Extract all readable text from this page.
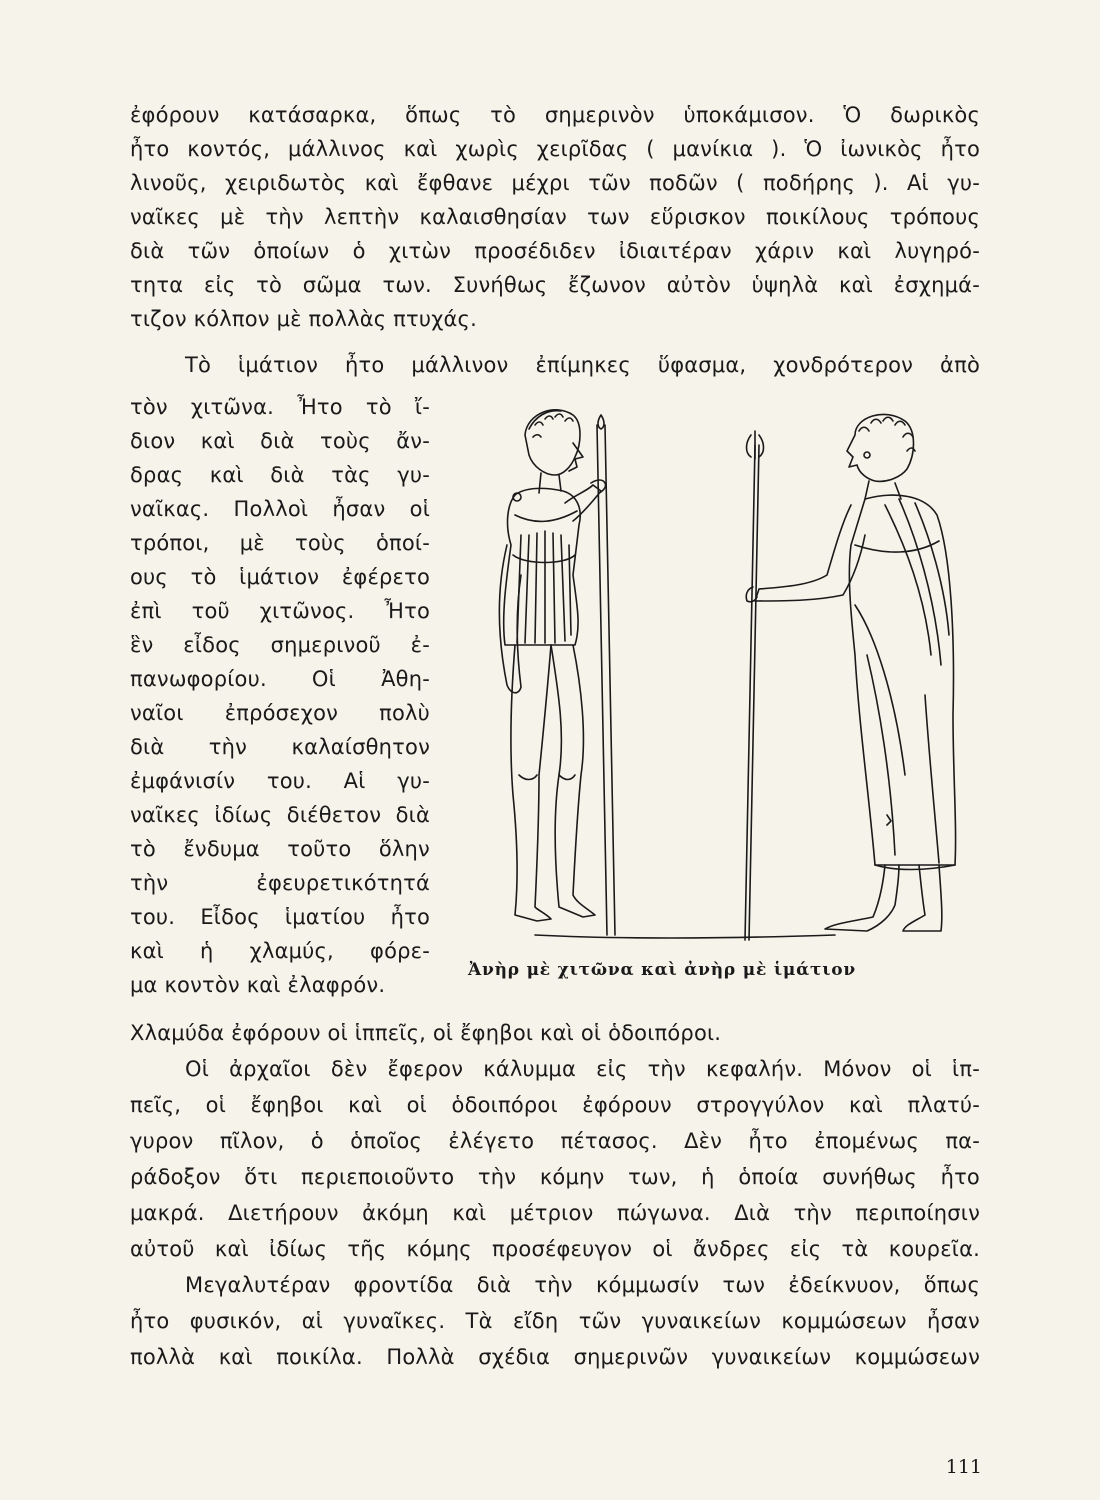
ἐφόρουν κατάσαρκα, ὅπως τὸ σημερινὸν ὑποκάμισον. Ὁ δωρικὸς
ἦτο κοντός, μάλλινος καὶ χωρὶς χειρῖδας ( μανίκια ). Ὁ ἰωνικὸς ἦτο
λινοῦς, χειριδωτὸς καὶ ἔφθανε μέχρι τῶν ποδῶν ( ποδήρης ). Αἱ γυ-
ναῖκες μὲ τὴν λεπτὴν καλαισθησίαν των εὕρισκον ποικίλους τρόπους
διὰ τῶν ὁποίων ὁ χιτὼν προσέδιδεν ἰδιαιτέραν χάριν καὶ λυγηρό-
τητα εἰς τὸ σῶμα των. Συνήθως ἔζωνον αὐτὸν ὑψηλὰ καὶ ἐσχημά-
τιζον κόλπον μὲ πολλὰς πτυχάς.
Τὸ ἱμάτιον ἦτο μάλλινον ἐπίμηκες ὕφασμα, χονδρότερον ἀπὸ
τὸν χιτῶνα. Ἦτο τὸ ἴ-
διον καὶ διὰ τοὺς ἄν-
δρας καὶ διὰ τὰς γυ-
ναῖκας. Πολλοὶ ἦσαν οἱ
τρόποι, μὲ τοὺς ὁποί-
ους τὸ ἱμάτιον ἐφέρετο
ἐπὶ τοῦ χιτῶνος. Ἦτο
ἓν εἶδος σημερινοῦ ἐ-
πανωφορίου. Οἱ Ἀθη-
ναῖοι ἐπρόσεχον πολὺ
διὰ τὴν καλαίσθητον
ἐμφάνισίν του. Αἱ γυ-
ναῖκες ἰδίως διέθετον διὰ
τὸ ἔνδυμα τοῦτο ὅλην
τὴν ἐφευρετικότητά
του. Εἶδος ἱματίου ἦτο
καὶ ἡ χλαμύς, φόρε-
μα κοντὸν καὶ ἐλαφρόν.
Ἀνὴρ μὲ χιτῶνα καὶ ἀνὴρ μὲ ἱμάτιον
Χλαμύδα ἐφόρουν οἱ ἱππεῖς, οἱ ἔφηβοι καὶ οἱ ὁδοιπόροι.
Οἱ ἀρχαῖοι δὲν ἔφερον κάλυμμα εἰς τὴν κεφαλήν. Μόνον οἱ ἱπ-
πεῖς, οἱ ἔφηβοι καὶ οἱ ὁδοιπόροι ἐφόρουν στρογγύλον καὶ πλατύ-
γυρον πῖλον, ὁ ὁποῖος ἐλέγετο πέτασος. Δὲν ἦτο ἐπομένως πα-
ράδοξον ὅτι περιεποιοῦντο τὴν κόμην των, ἡ ὁποία συνήθως ἦτο
μακρά. Διετήρουν ἀκόμη καὶ μέτριον πώγωνα. Διὰ τὴν περιποίησιν
αὐτοῦ καὶ ἰδίως τῆς κόμης προσέφευγον οἱ ἄνδρες εἰς τὰ κουρεῖα.
Μεγαλυτέραν φροντίδα διὰ τὴν κόμμωσίν των ἐδείκνυον, ὅπως
ἦτο φυσικόν, αἱ γυναῖκες. Τὰ εἴδη τῶν γυναικείων κομμώσεων ἦσαν
πολλὰ καὶ ποικίλα. Πολλὰ σχέδια σημερινῶν γυναικείων κομμώσεων
111
